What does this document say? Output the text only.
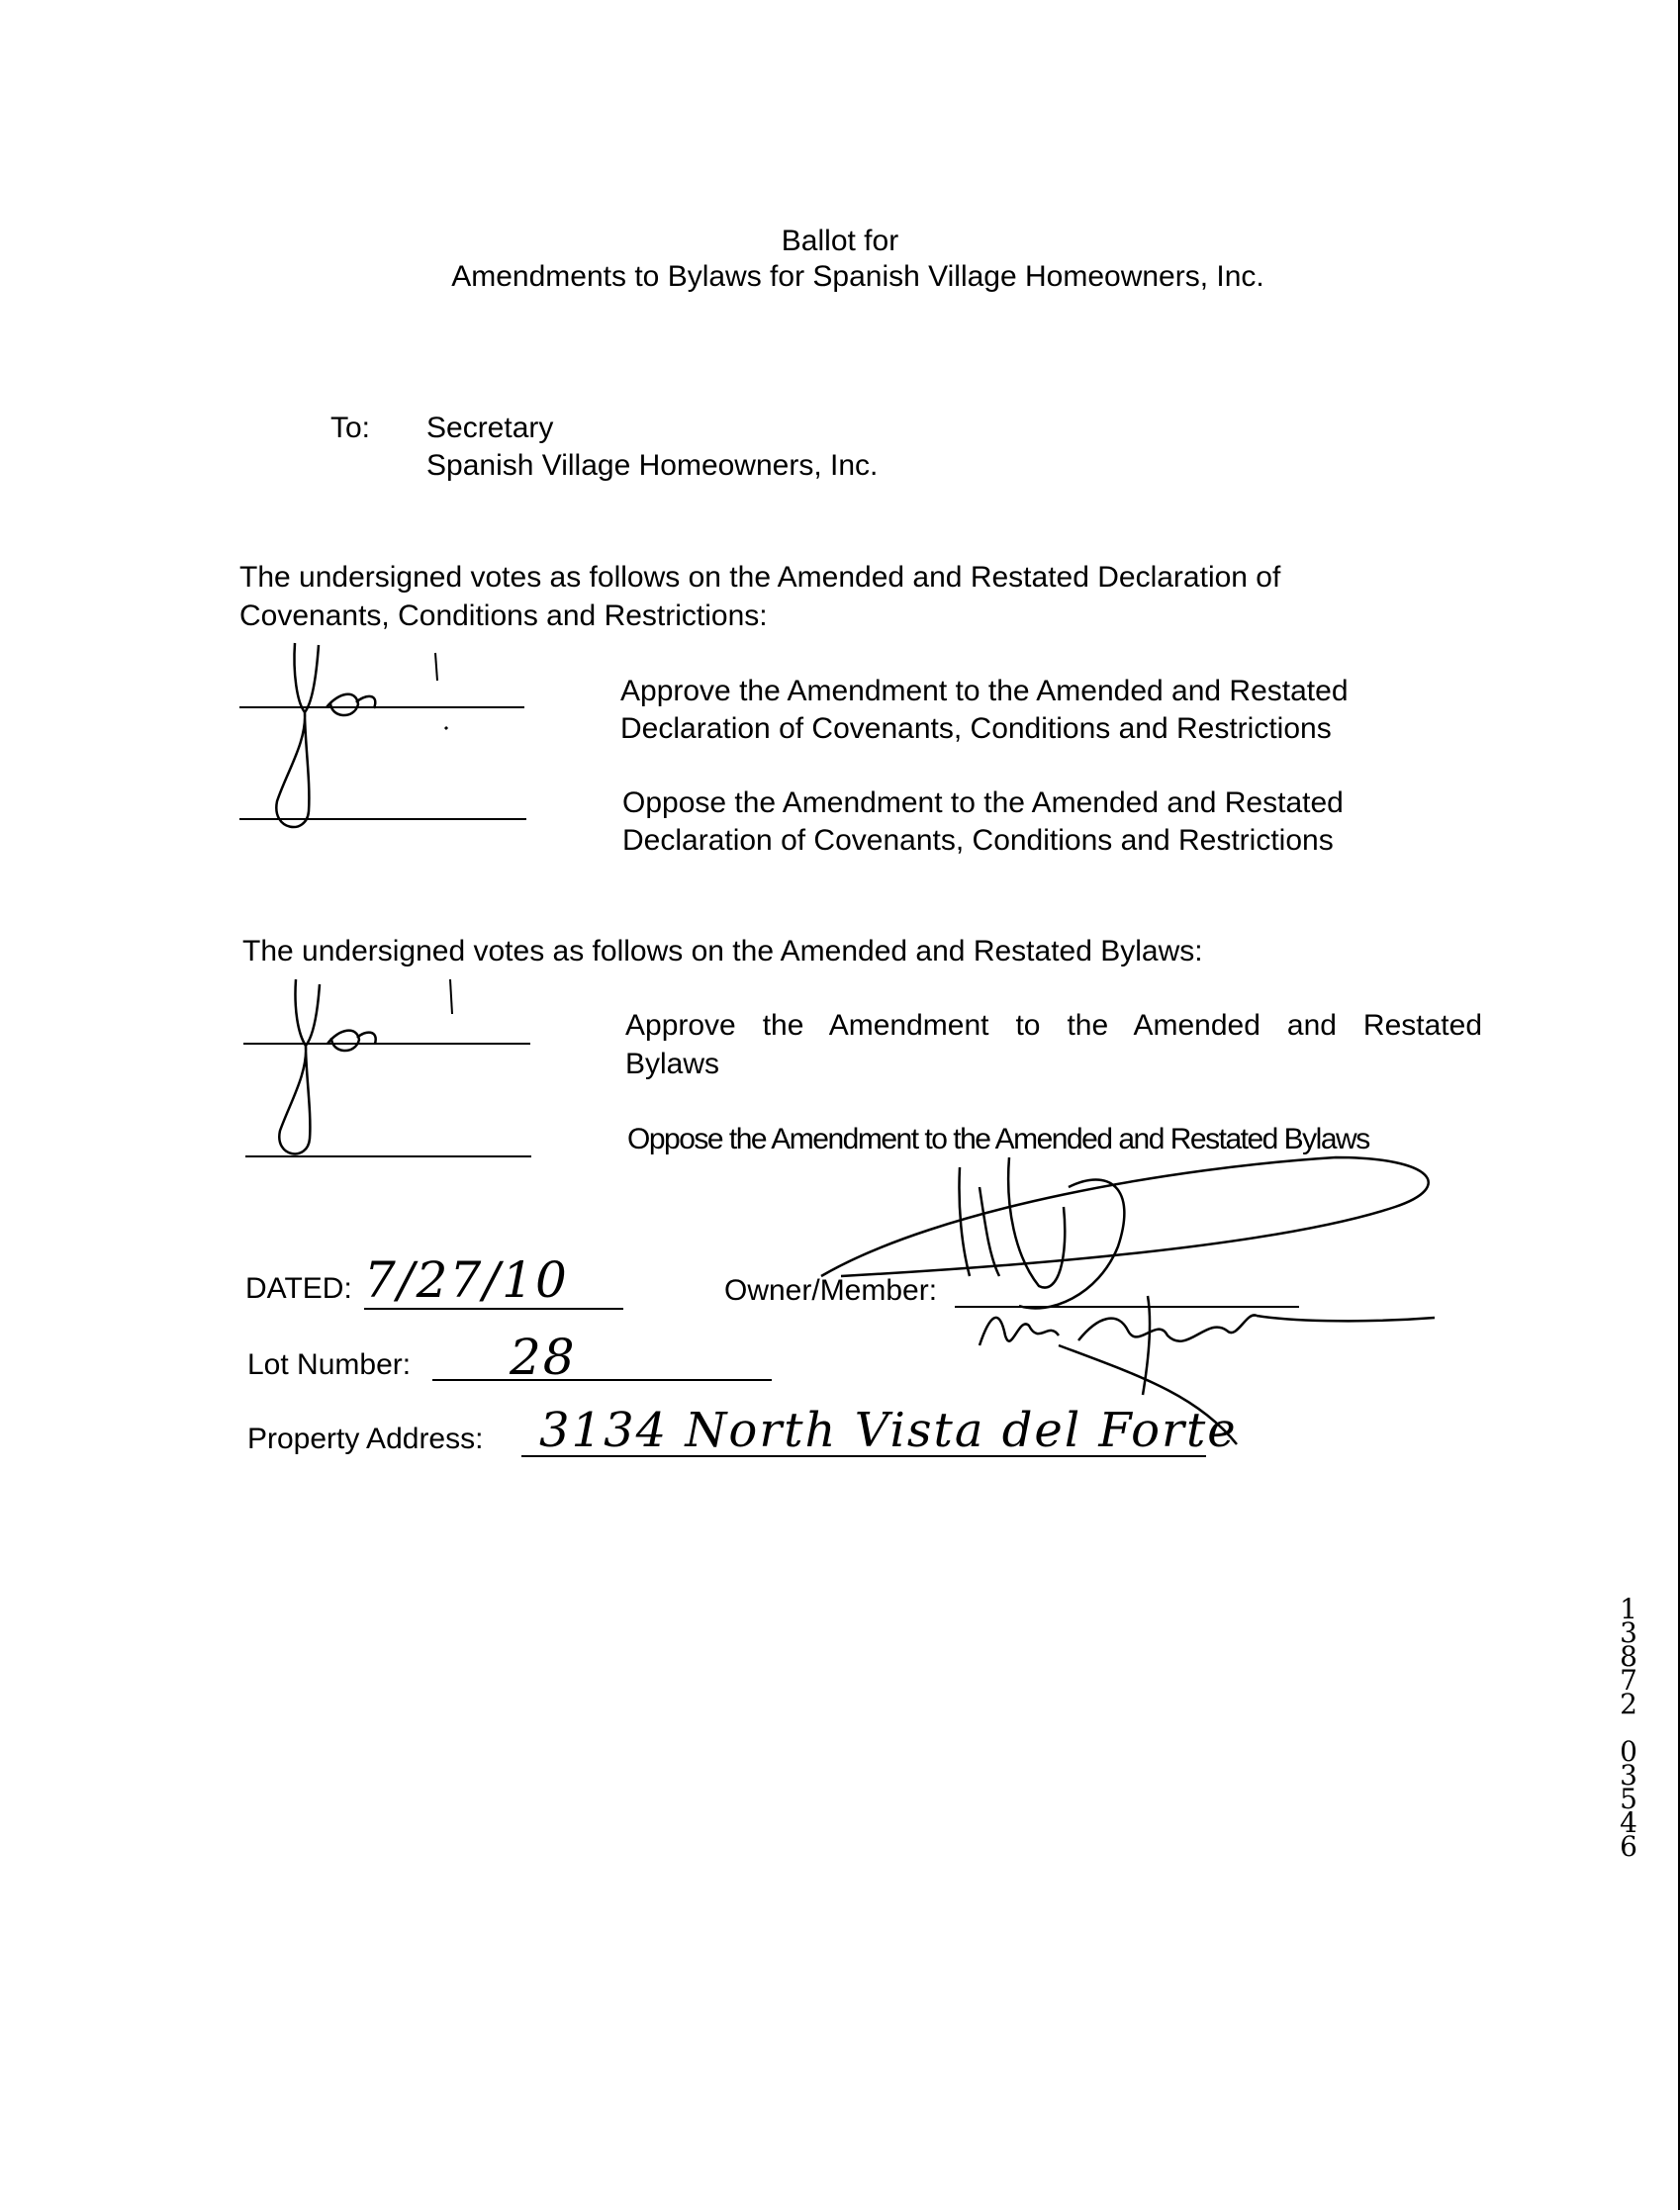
Ballot for
Amendments to Bylaws for Spanish Village Homeowners, Inc.
To: Secretary
Spanish Village Homeowners, Inc.
The undersigned votes as follows on the Amended and Restated Declaration of
Covenants, Conditions and Restrictions:
Approve the Amendment to the Amended and Restated
Declaration of Covenants, Conditions and Restrictions
Oppose the Amendment to the Amended and Restated
Declaration of Covenants, Conditions and Restrictions
The undersigned votes as follows on the Amended and Restated Bylaws:
Approve the Amendment to the Amended and Restated
Bylaws
Oppose the Amendment to the Amended and Restated Bylaws
DATED: 7/27/10	Owner/Member:
Lot Number: 28
Property Address: 3134 North Vista del Forte
1
3
8
7
2

0
3
5
4
6
